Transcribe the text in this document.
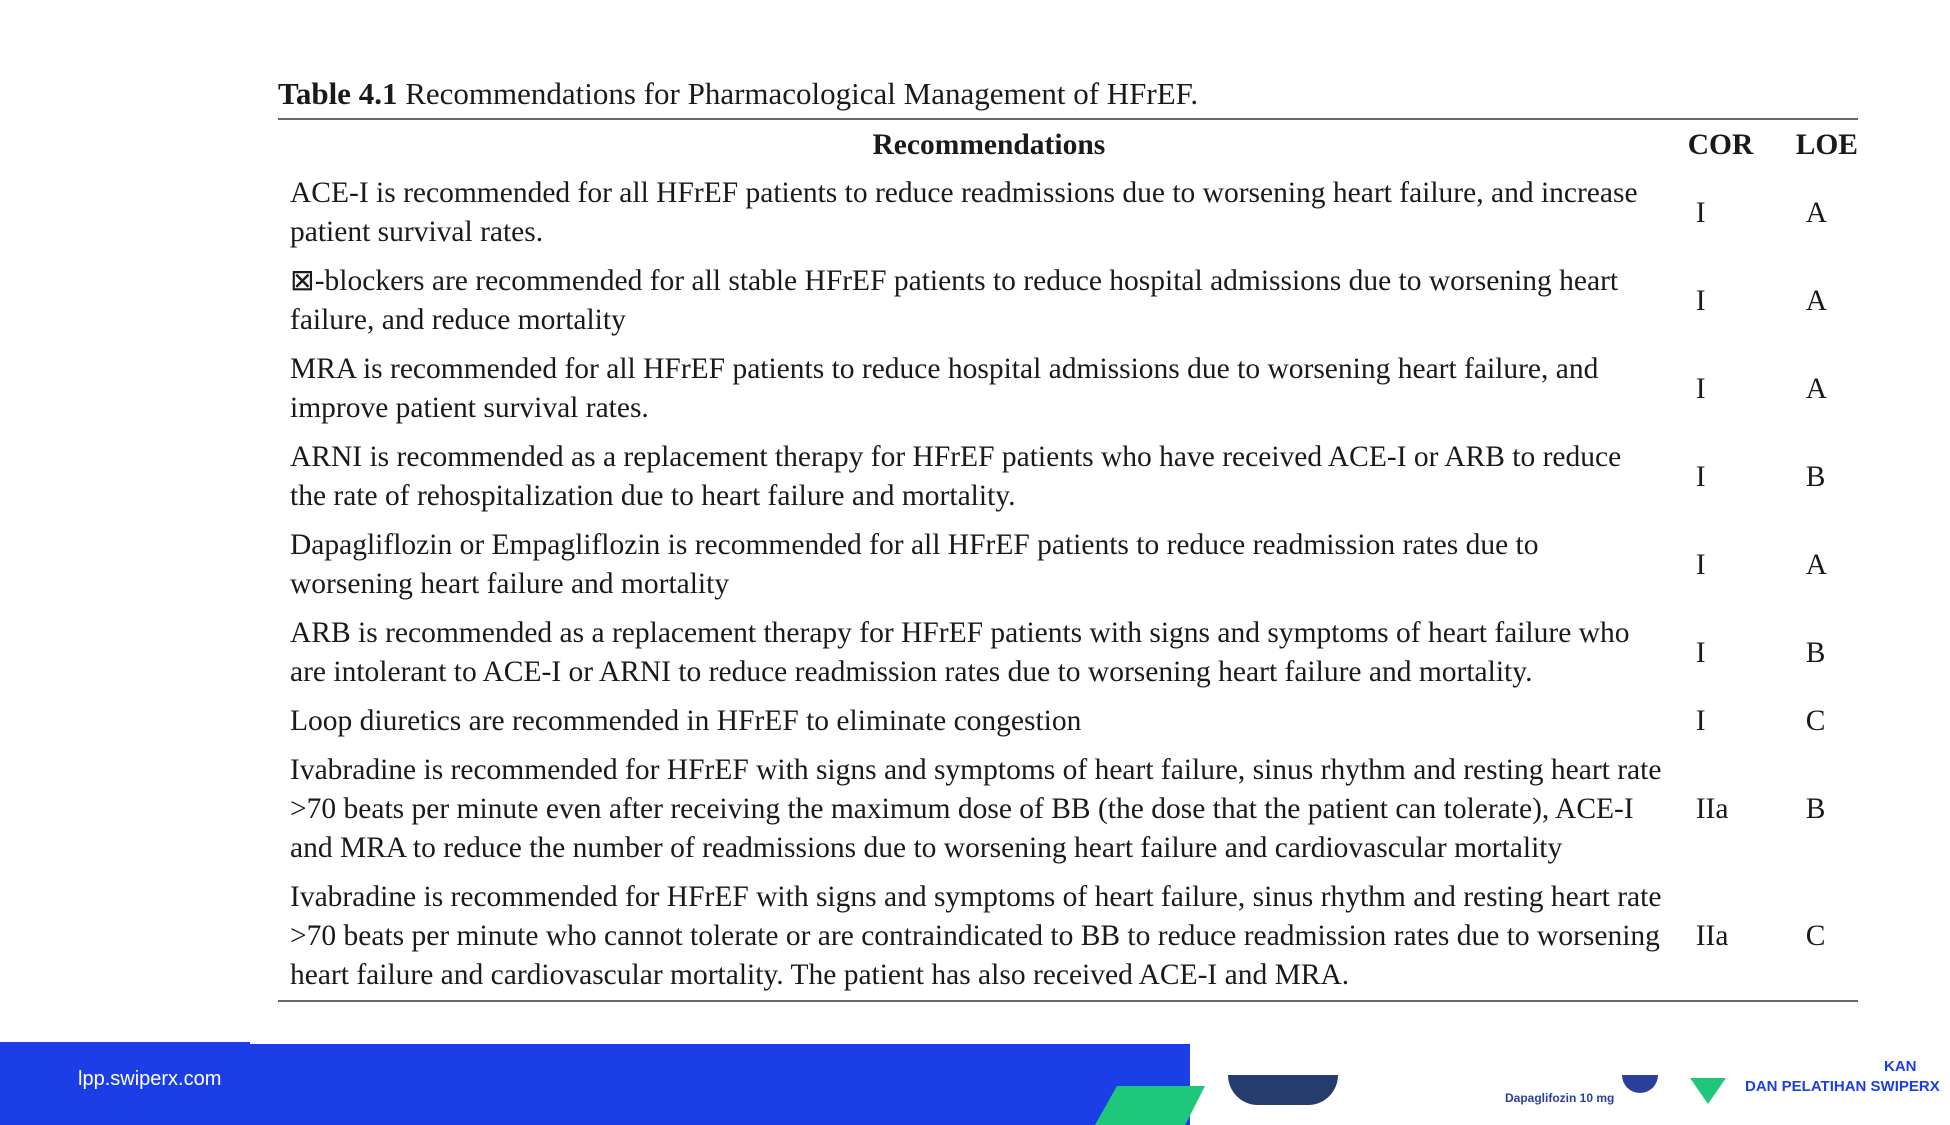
Table 4.1 Recommendations for Pharmacological Management of HFrEF.
Recommendations	COR	LOE
ACE-I is recommended for all HFrEF patients to reduce readmissions due to worsening heart failure, and increase patient survival rates.	I	A
⊠-blockers are recommended for all stable HFrEF patients to reduce hospital admissions due to worsening heart failure, and reduce mortality	I	A
MRA is recommended for all HFrEF patients to reduce hospital admissions due to worsening heart failure, and improve patient survival rates.	I	A
ARNI is recommended as a replacement therapy for HFrEF patients who have received ACE-I or ARB to reduce the rate of rehospitalization due to heart failure and mortality.	I	B
Dapagliflozin or Empagliflozin is recommended for all HFrEF patients to reduce readmission rates due to worsening heart failure and mortality	I	A
ARB is recommended as a replacement therapy for HFrEF patients with signs and symptoms of heart failure who are intolerant to ACE-I or ARNI to reduce readmission rates due to worsening heart failure and mortality.	I	B
Loop diuretics are recommended in HFrEF to eliminate congestion	I	C
Ivabradine is recommended for HFrEF with signs and symptoms of heart failure, sinus rhythm and resting heart rate >70 beats per minute even after receiving the maximum dose of BB (the dose that the patient can tolerate), ACE-I and MRA to reduce the number of readmissions due to worsening heart failure and cardiovascular mortality	IIa	B
Ivabradine is recommended for HFrEF with signs and symptoms of heart failure, sinus rhythm and resting heart rate >70 beats per minute who cannot tolerate or are contraindicated to BB to reduce readmission rates due to worsening heart failure and cardiovascular mortality. The patient has also received ACE-I and MRA.	IIa	C
lpp.swiperx.com
Dapaglifozin 10 mg
KAN
DAN PELATIHAN SWIPERX
